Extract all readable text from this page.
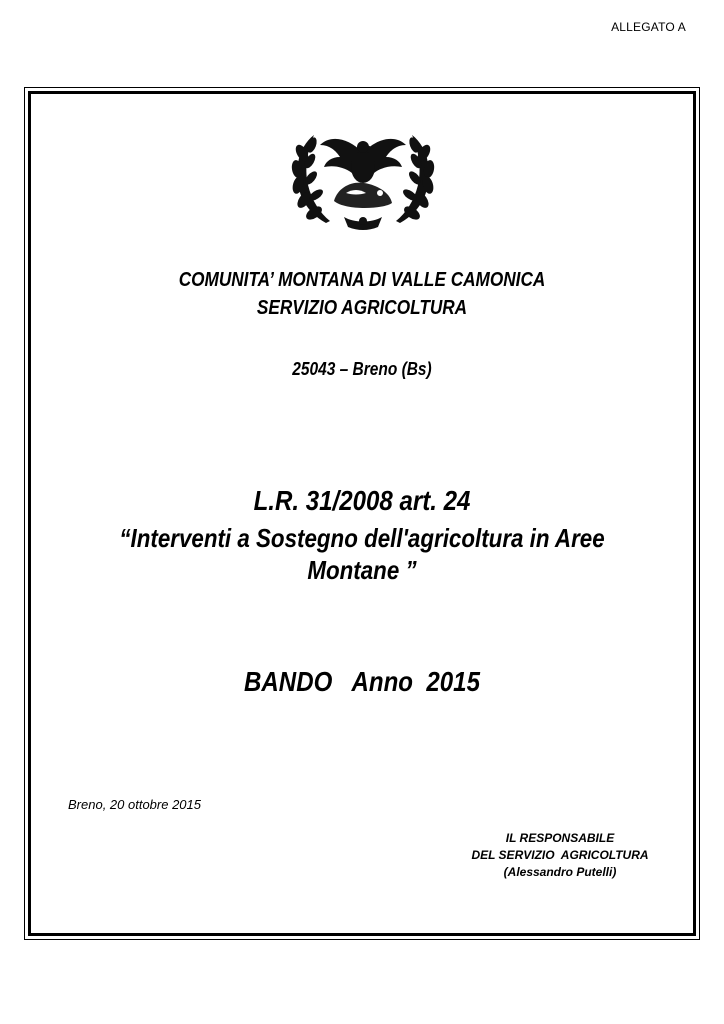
ALLEGATO A
COMUNITA’ MONTANA DI VALLE CAMONICA
SERVIZIO AGRICOLTURA
25043 – Breno (Bs)
L.R. 31/2008 art. 24
“Interventi a Sostegno dell'agricoltura in Aree
Montane ”
BANDO   Anno  2015
Breno, 20 ottobre 2015
IL RESPONSABILE
DEL SERVIZIO  AGRICOLTURA
(Alessandro Putelli)
